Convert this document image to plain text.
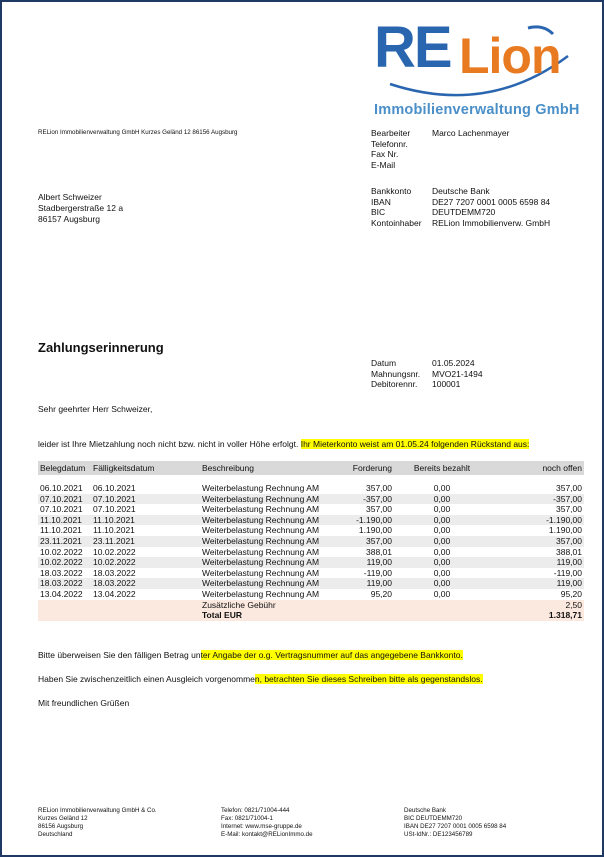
RE Lion
Immobilienverwaltung GmbH
RELion Immobilienverwaltung GmbH Kurzes Geländ 12 86156 Augsburg	Bearbeiter	Marco Lachenmayer
Telefonnr.
Fax Nr.
E-Mail
Bankkonto	Deutsche Bank
IBAN	DE27 7207 0001 0005 6598 84
BIC	DEUTDEMM720
Kontoinhaber	RELion Immobilienverw. GmbH
Albert Schweizer
Stadbergerstraße 12 a
86157 Augsburg
Zahlungserinnerung
Datum	01.05.2024
Mahnungsnr.	MVO21-1494
Debitorennr.	100001
Sehr geehrter Herr Schweizer,
leider ist Ihre Mietzahlung noch nicht bzw. nicht in voller Höhe erfolgt. Ihr Mieterkonto weist am 01.05.24 folgenden Rückstand aus:
Belegdatum	Fälligkeitsdatum	Beschreibung	Forderung	Bereits bezahlt	noch offen

06.10.2021	06.10.2021	Weiterbelastung Rechnung AM	357,00	0,00	357,00
07.10.2021	07.10.2021	Weiterbelastung Rechnung AM	-357,00	0,00	-357,00
07.10.2021	07.10.2021	Weiterbelastung Rechnung AM	357,00	0,00	357,00
11.10.2021	11.10.2021	Weiterbelastung Rechnung AM	-1.190,00	0,00	-1.190,00
11.10.2021	11.10.2021	Weiterbelastung Rechnung AM	1.190,00	0,00	1.190,00
23.11.2021	23.11.2021	Weiterbelastung Rechnung AM	357,00	0,00	357,00
10.02.2022	10.02.2022	Weiterbelastung Rechnung AM	388,01	0,00	388,01
10.02.2022	10.02.2022	Weiterbelastung Rechnung AM	119,00	0,00	119,00
18.03.2022	18.03.2022	Weiterbelastung Rechnung AM	-119,00	0,00	-119,00
18.03.2022	18.03.2022	Weiterbelastung Rechnung AM	119,00	0,00	119,00
13.04.2022	13.04.2022	Weiterbelastung Rechnung AM	95,20	0,00	95,20
		Zusätzliche Gebühr			2,50
		Total EUR			1.318,71
Bitte überweisen Sie den fälligen Betrag unter Angabe der o.g. Vertragsnummer auf das angegebene Bankkonto.
Haben Sie zwischenzeitlich einen Ausgleich vorgenommen, betrachten Sie dieses Schreiben bitte als gegenstandslos.
Mit freundlichen Grüßen
RELion Immobilienverwaltung GmbH & Co.
Kurzes Geländ 12
86156 Augsburg
Deutschland
Telefon: 0821/71004-444
Fax: 0821/71004-1
Internet: www.mse-gruppe.de
E-Mail: kontakt@RELionImmo.de
Deutsche Bank
BIC DEUTDEMM720
IBAN DE27 7207 0001 0005 6598 84
USt-IdNr.: DE123456789
